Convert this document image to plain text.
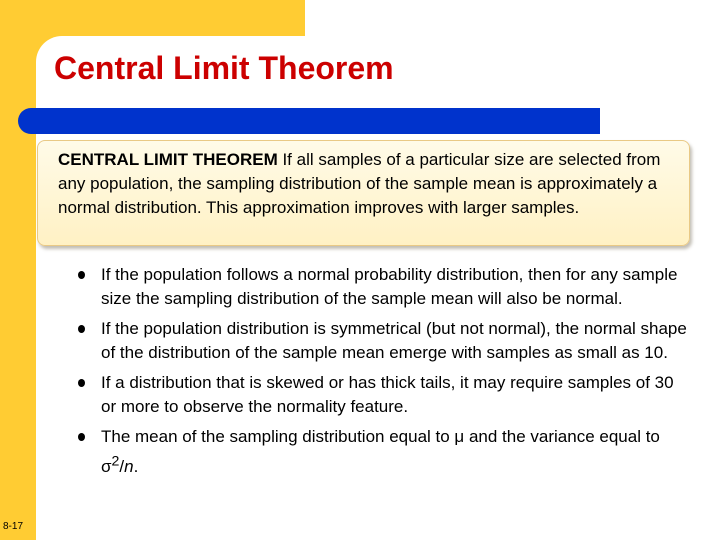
Central Limit Theorem
CENTRAL LIMIT THEOREM If all samples of a particular size are selected from any population, the sampling distribution of the sample mean is approximately a normal distribution. This approximation improves with larger samples.
If the population follows a normal probability distribution, then for any sample size the sampling distribution of the sample mean will also be normal.
If the population distribution is symmetrical (but not normal), the normal shape of the distribution of the sample mean emerge with samples as small as 10.
If a distribution that is skewed or has thick tails, it may require samples of 30 or more to observe the normality feature.
The mean of the sampling distribution equal to μ and the variance equal to $\sigma^2/n$.
8-17
